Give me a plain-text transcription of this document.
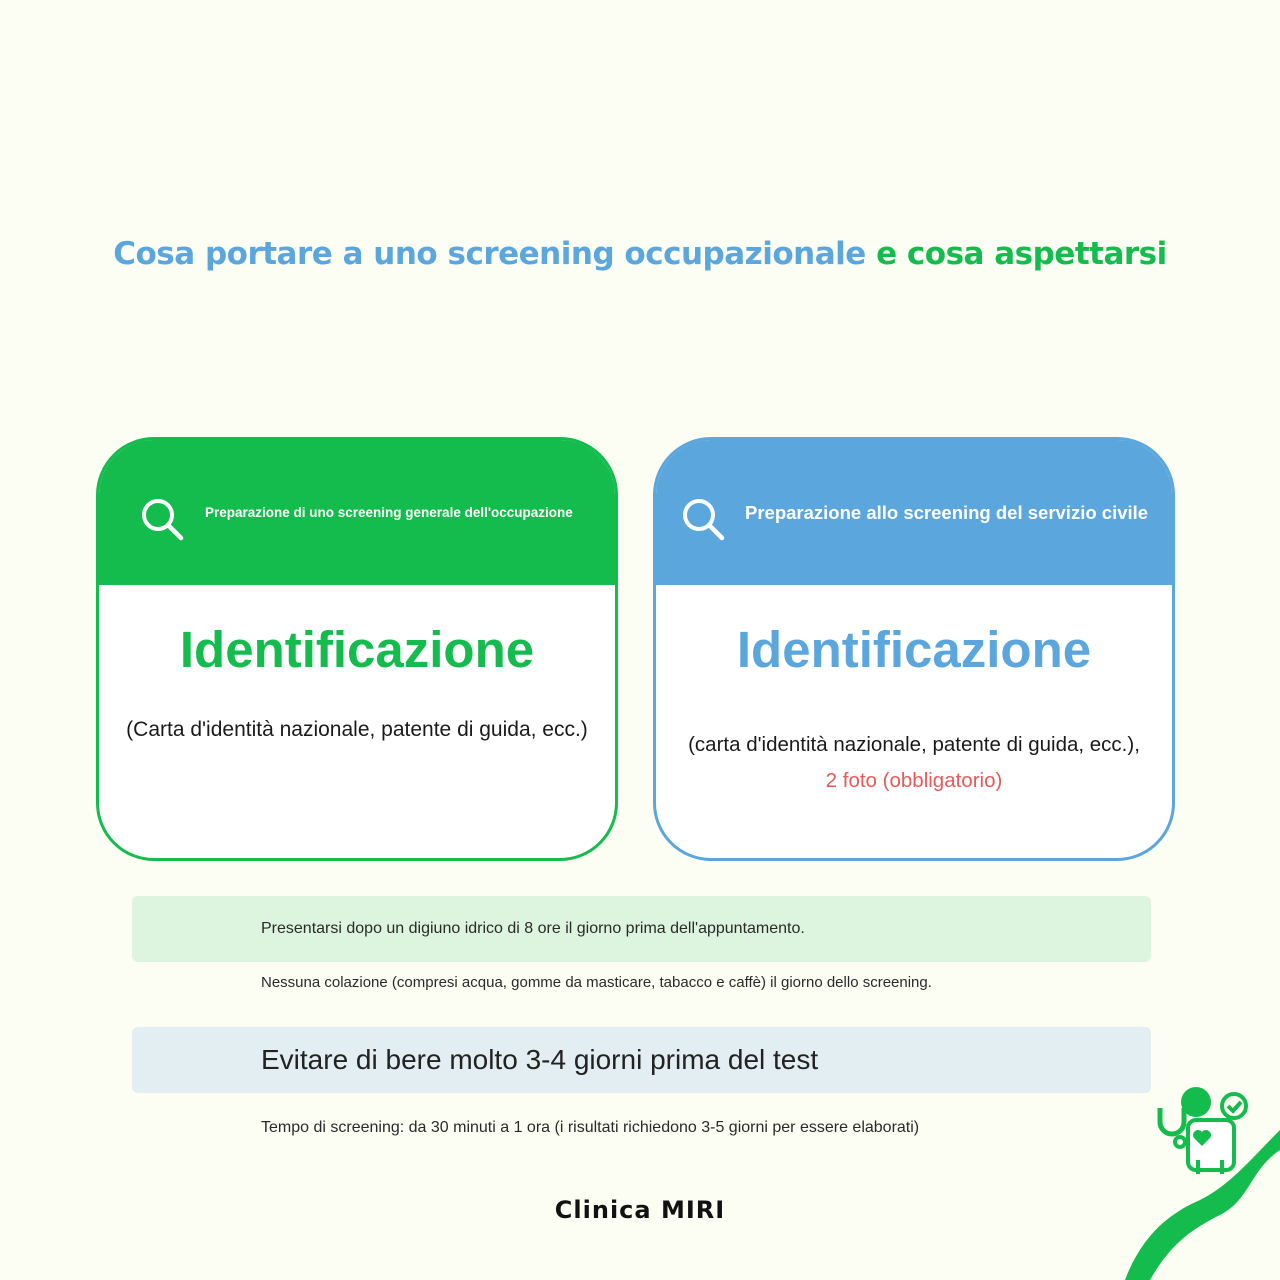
Cosa portare a uno screening occupazionale e cosa aspettarsi
Preparazione di uno screening generale dell'occupazione
Identificazione
(Carta d'identità nazionale, patente di guida, ecc.)
Preparazione allo screening del servizio civile
Identificazione
(carta d'identità nazionale, patente di guida, ecc.),
2 foto (obbligatorio)
Presentarsi dopo un digiuno idrico di 8 ore il giorno prima dell'appuntamento.
Nessuna colazione (compresi acqua, gomme da masticare, tabacco e caffè) il giorno dello screening.
Evitare di bere molto 3-4 giorni prima del test
Tempo di screening: da 30 minuti a 1 ora (i risultati richiedono 3-5 giorni per essere elaborati)
Clinica MIRI
